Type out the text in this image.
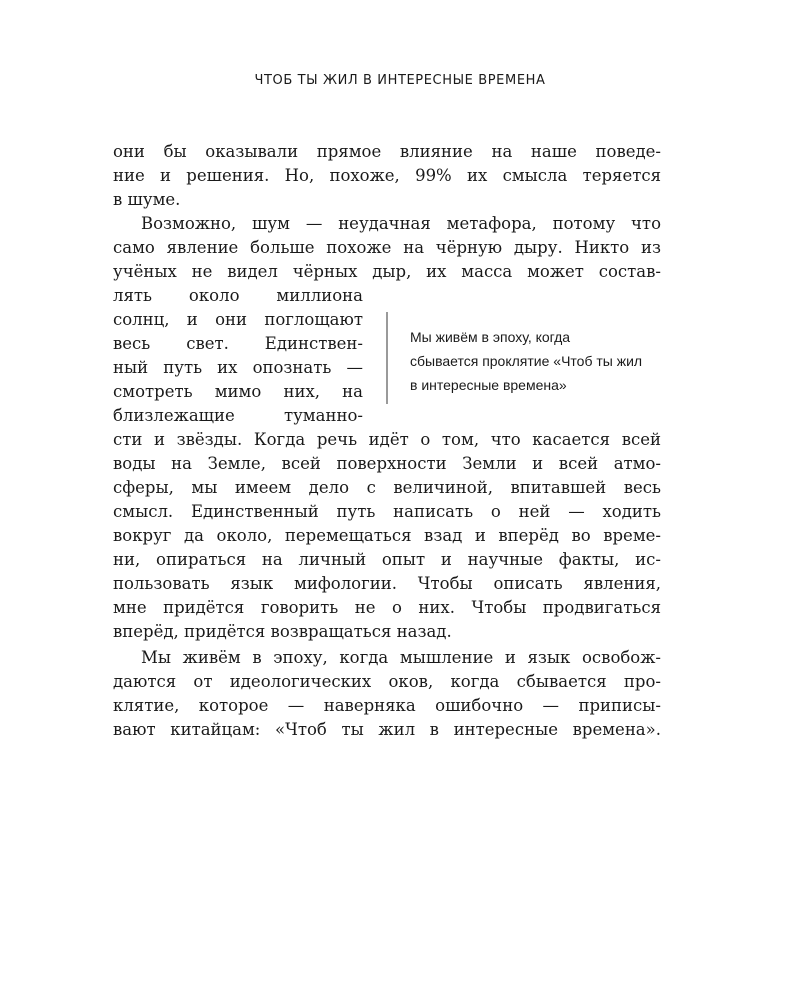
ЧТОБ ТЫ ЖИЛ В ИНТЕРЕСНЫЕ ВРЕМЕНА
они бы оказывали прямое влияние на наше поведе-
ние и решения. Но, похоже, 99% их смысла теряется
в шуме.
Возможно, шум — неудачная метафора, потому что
само явление больше похоже на чёрную дыру. Никто из
учёных не видел чёрных дыр, их масса может состав-
лять около миллиона
солнц, и они поглощают
весь свет. Единствен-
ный путь их опознать —
смотреть мимо них, на
близлежащие туманно-
сти и звёзды. Когда речь идёт о том, что касается всей
воды на Земле, всей поверхности Земли и всей атмо-
сферы, мы имеем дело с величиной, впитавшей весь
смысл. Единственный путь написать о ней — ходить
вокруг да около, перемещаться взад и вперёд во време-
ни, опираться на личный опыт и научные факты, ис-
пользовать язык мифологии. Чтобы описать явления,
мне придётся говорить не о них. Чтобы продвигаться
вперёд, придётся возвращаться назад.
Мы живём в эпоху, когда мышление и язык освобож-
даются от идеологических оков, когда сбывается про-
клятие, которое — наверняка ошибочно — приписы-
вают китайцам: «Чтоб ты жил в интересные времена».
Мы живём в эпоху, когда
сбывается проклятие «Чтоб ты жил
в интересные времена»
